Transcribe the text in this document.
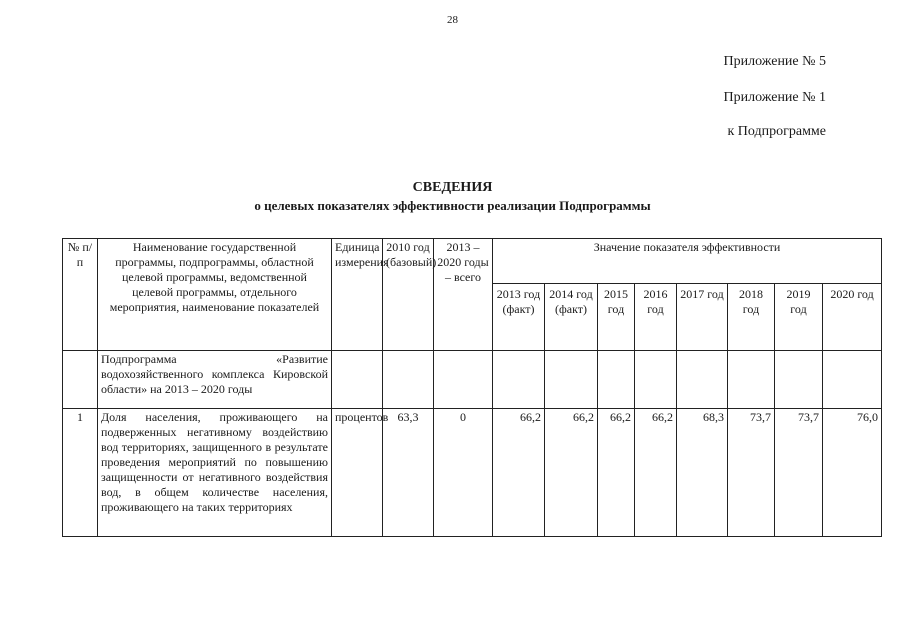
28
Приложение № 5
Приложение № 1
к Подпрограмме
СВЕДЕНИЯ
о целевых показателях эффективности реализации Подпрограммы
№ п/п	Наименование государственной программы, подпрограммы, областной целевой программы, ведомственной целевой программы, отдельного мероприятия, наименование показателей	Единица измерения	2010 год (базовый)	2013 – 2020 годы – всего	Значение показателя эффективности							
					2013 год (факт)	2014 год (факт)	2015 год	2016 год	2017 год	2018 год	2019 год	2020 год
	Подпрограмма «Развитие водохозяйственного комплекса Кировской области» на 2013 – 2020 годы											
1	Доля населения, проживающего на подверженных негативному воздействию вод территориях, защищенного в результате проведения мероприятий по повышению защищенности от негативного воздействия вод, в общем количестве населения, проживающего на таких территориях	процентов	63,3	0	66,2	66,2	66,2	66,2	68,3	73,7	73,7	76,0
